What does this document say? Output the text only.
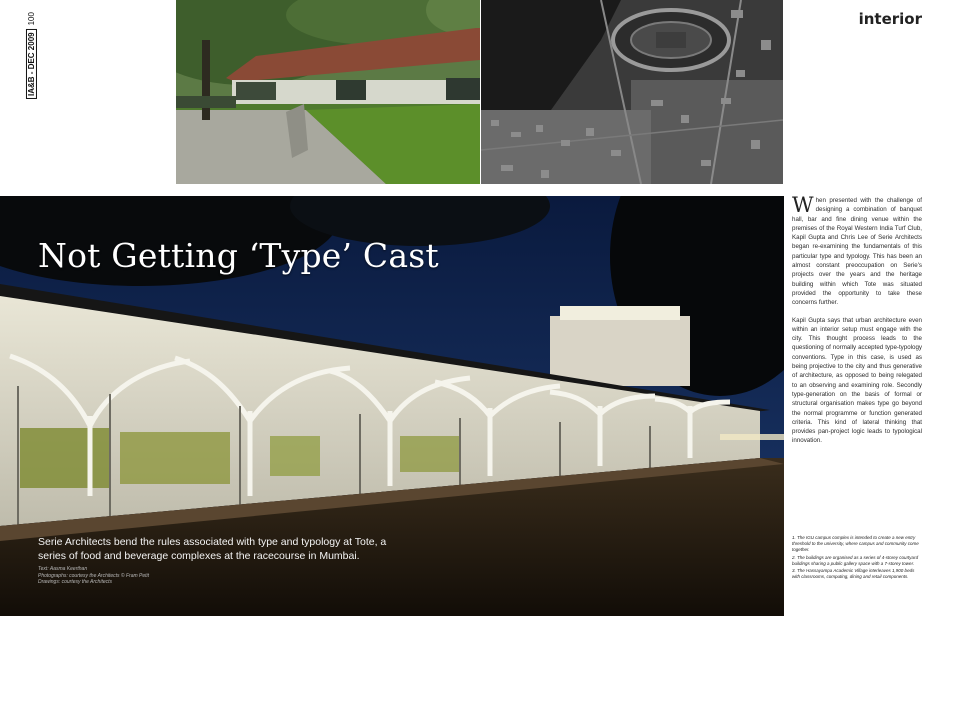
IA&B - DEC 2009100	interior
Not Getting ‘Type’ Cast

Serie Architects bend the rules associated with type and typology at Tote, a series of food and beverage complexes at the racecourse in Mumbai.

Text: Aasma Keerthan
Photographs: courtesy the Architects © Fram Petit
Drawings: courtesy the Architects

When presented with the challenge of designing a combination of banquet hall, bar and fine dining venue within the premises of the Royal Western India Turf Club, Kapil Gupta and Chris Lee of Serie Architects began re-examining the fundamentals of this particular type and typology. This has been an almost constant preoccupation on Serie's projects over the years and the heritage building within which Tote was situated provided the opportunity to take these concerns further.

Kapil Gupta says that urban architecture even within an interior setup must engage with the city. This thought process leads to the questioning of normally accepted type-typology conventions. Type in this case, is used as being projective to the city and thus generative of architecture, as opposed to being relegated to an observing and examining role. Secondly type-generation on the basis of formal or structural organisation makes type go beyond the normal programme or function generated criteria. This kind of lateral thinking that provides pan-project logic leads to typological innovation.

1. The IGU campus complex is intended to create a new entry threshold to the university, where campus and community come together.
2. The buildings are organised as a series of 4-storey courtyard buildings sharing a public gallery space with a 7-storey tower.
3. The Hassayampa Academic Village interleaves 1,900 beds with classrooms, computing, dining and retail components.
